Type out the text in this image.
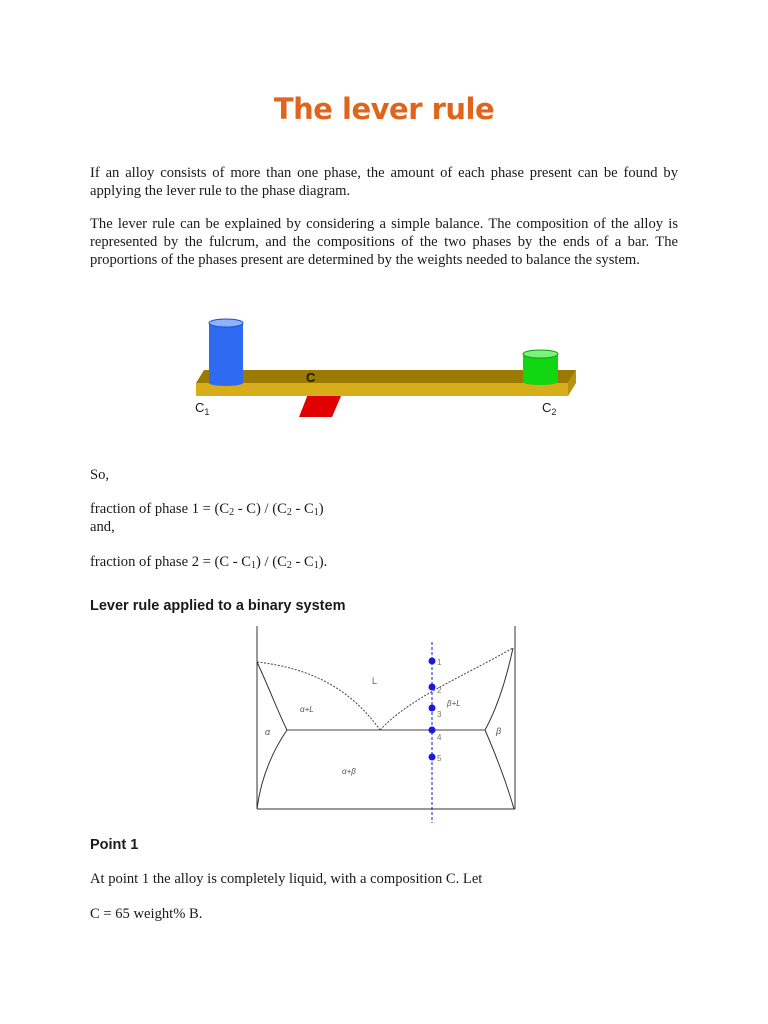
The lever rule

If an alloy consists of more than one phase, the amount of each phase present can be found by applying the lever rule to the phase diagram.

The lever rule can be explained by considering a simple balance. The composition of the alloy is represented by the fulcrum, and the compositions of the two phases by the ends of a bar. The proportions of the phases present are determined by the weights needed to balance the system.

C
$C_1$	$C_2$

So,

fraction of phase $1 = (C_2 - C) / (C_2 - C_1)$

and,

fraction of phase $2 = (C - C_1) / (C_2 - C_1)$.

Lever rule applied to a binary system
L
α+L
β+L
α	β
α+β
1
2
3
4
5
Point 1

At point 1 the alloy is completely liquid, with a composition C. Let

C = 65 weight% B.
